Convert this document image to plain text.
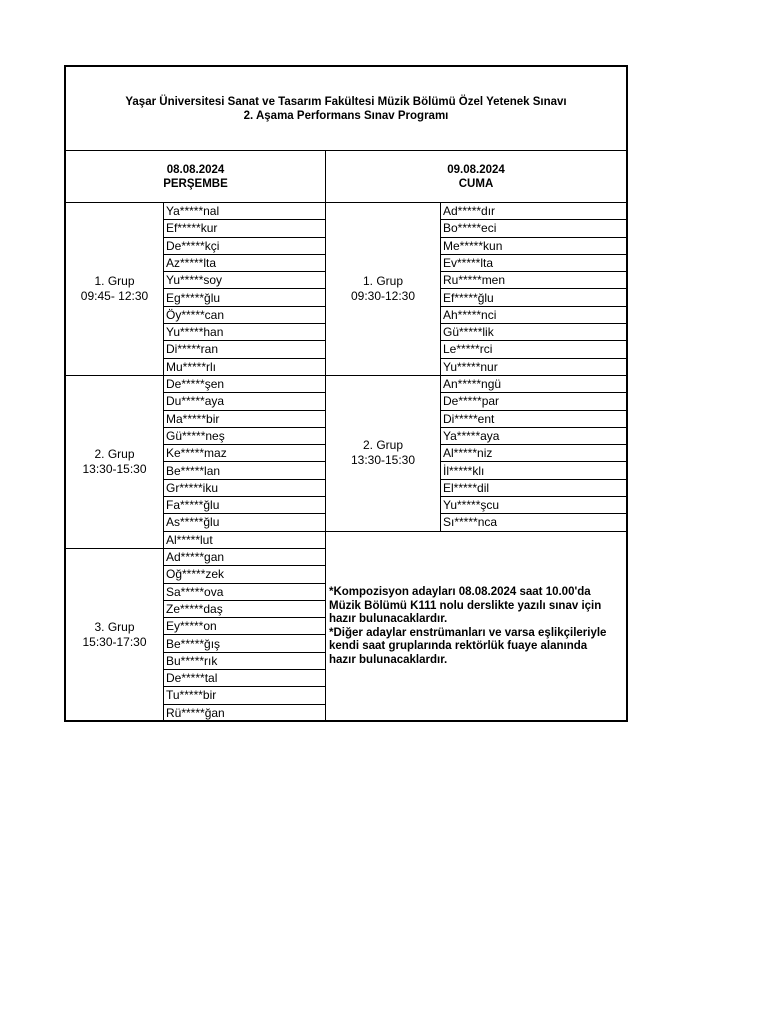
Yaşar Üniversitesi Sanat ve Tasarım Fakültesi Müzik Bölümü Özel Yetenek Sınavı
2. Aşama Performans Sınav Programı
08.08.2024
PERŞEMBE
09.08.2024
CUMA
1. Grup
09:45- 12:30
Ya*****nal
Ef*****kur
De*****kçi
Az*****lta
Yu*****soy
Eg*****ğlu
Öy*****can
Yu*****han
Di*****ran
Mu*****rlı
2. Grup
13:30-15:30
De*****şen
Du*****aya
Ma*****bir
Gü*****neş
Ke*****maz
Be*****lan
Gr*****iku
Fa*****ğlu
As*****ğlu
Al*****lut
3. Grup
15:30-17:30
Ad*****gan
Oğ*****zek
Sa*****ova
Ze*****daş
Ey*****on
Be*****ğış
Bu*****rık
De*****tal
Tu*****bir
Rü*****ğan
1. Grup
09:30-12:30
Ad*****dır
Bo*****eci
Me*****kun
Ev*****lta
Ru*****men
Ef*****ğlu
Ah*****nci
Gü*****lik
Le*****rci
Yu*****nur
2. Grup
13:30-15:30
An*****ngü
De*****par
Di*****ent
Ya*****aya
Al*****niz
İl*****klı
El*****dil
Yu*****şcu
Sı*****nca
*Kompozisyon adayları 08.08.2024 saat 10.00'da
Müzik Bölümü K111 nolu derslikte yazılı sınav için
hazır bulunacaklardır.
*Diğer adaylar enstrümanları ve varsa eşlikçileriyle
kendi saat gruplarında rektörlük fuaye alanında
hazır bulunacaklardır.
